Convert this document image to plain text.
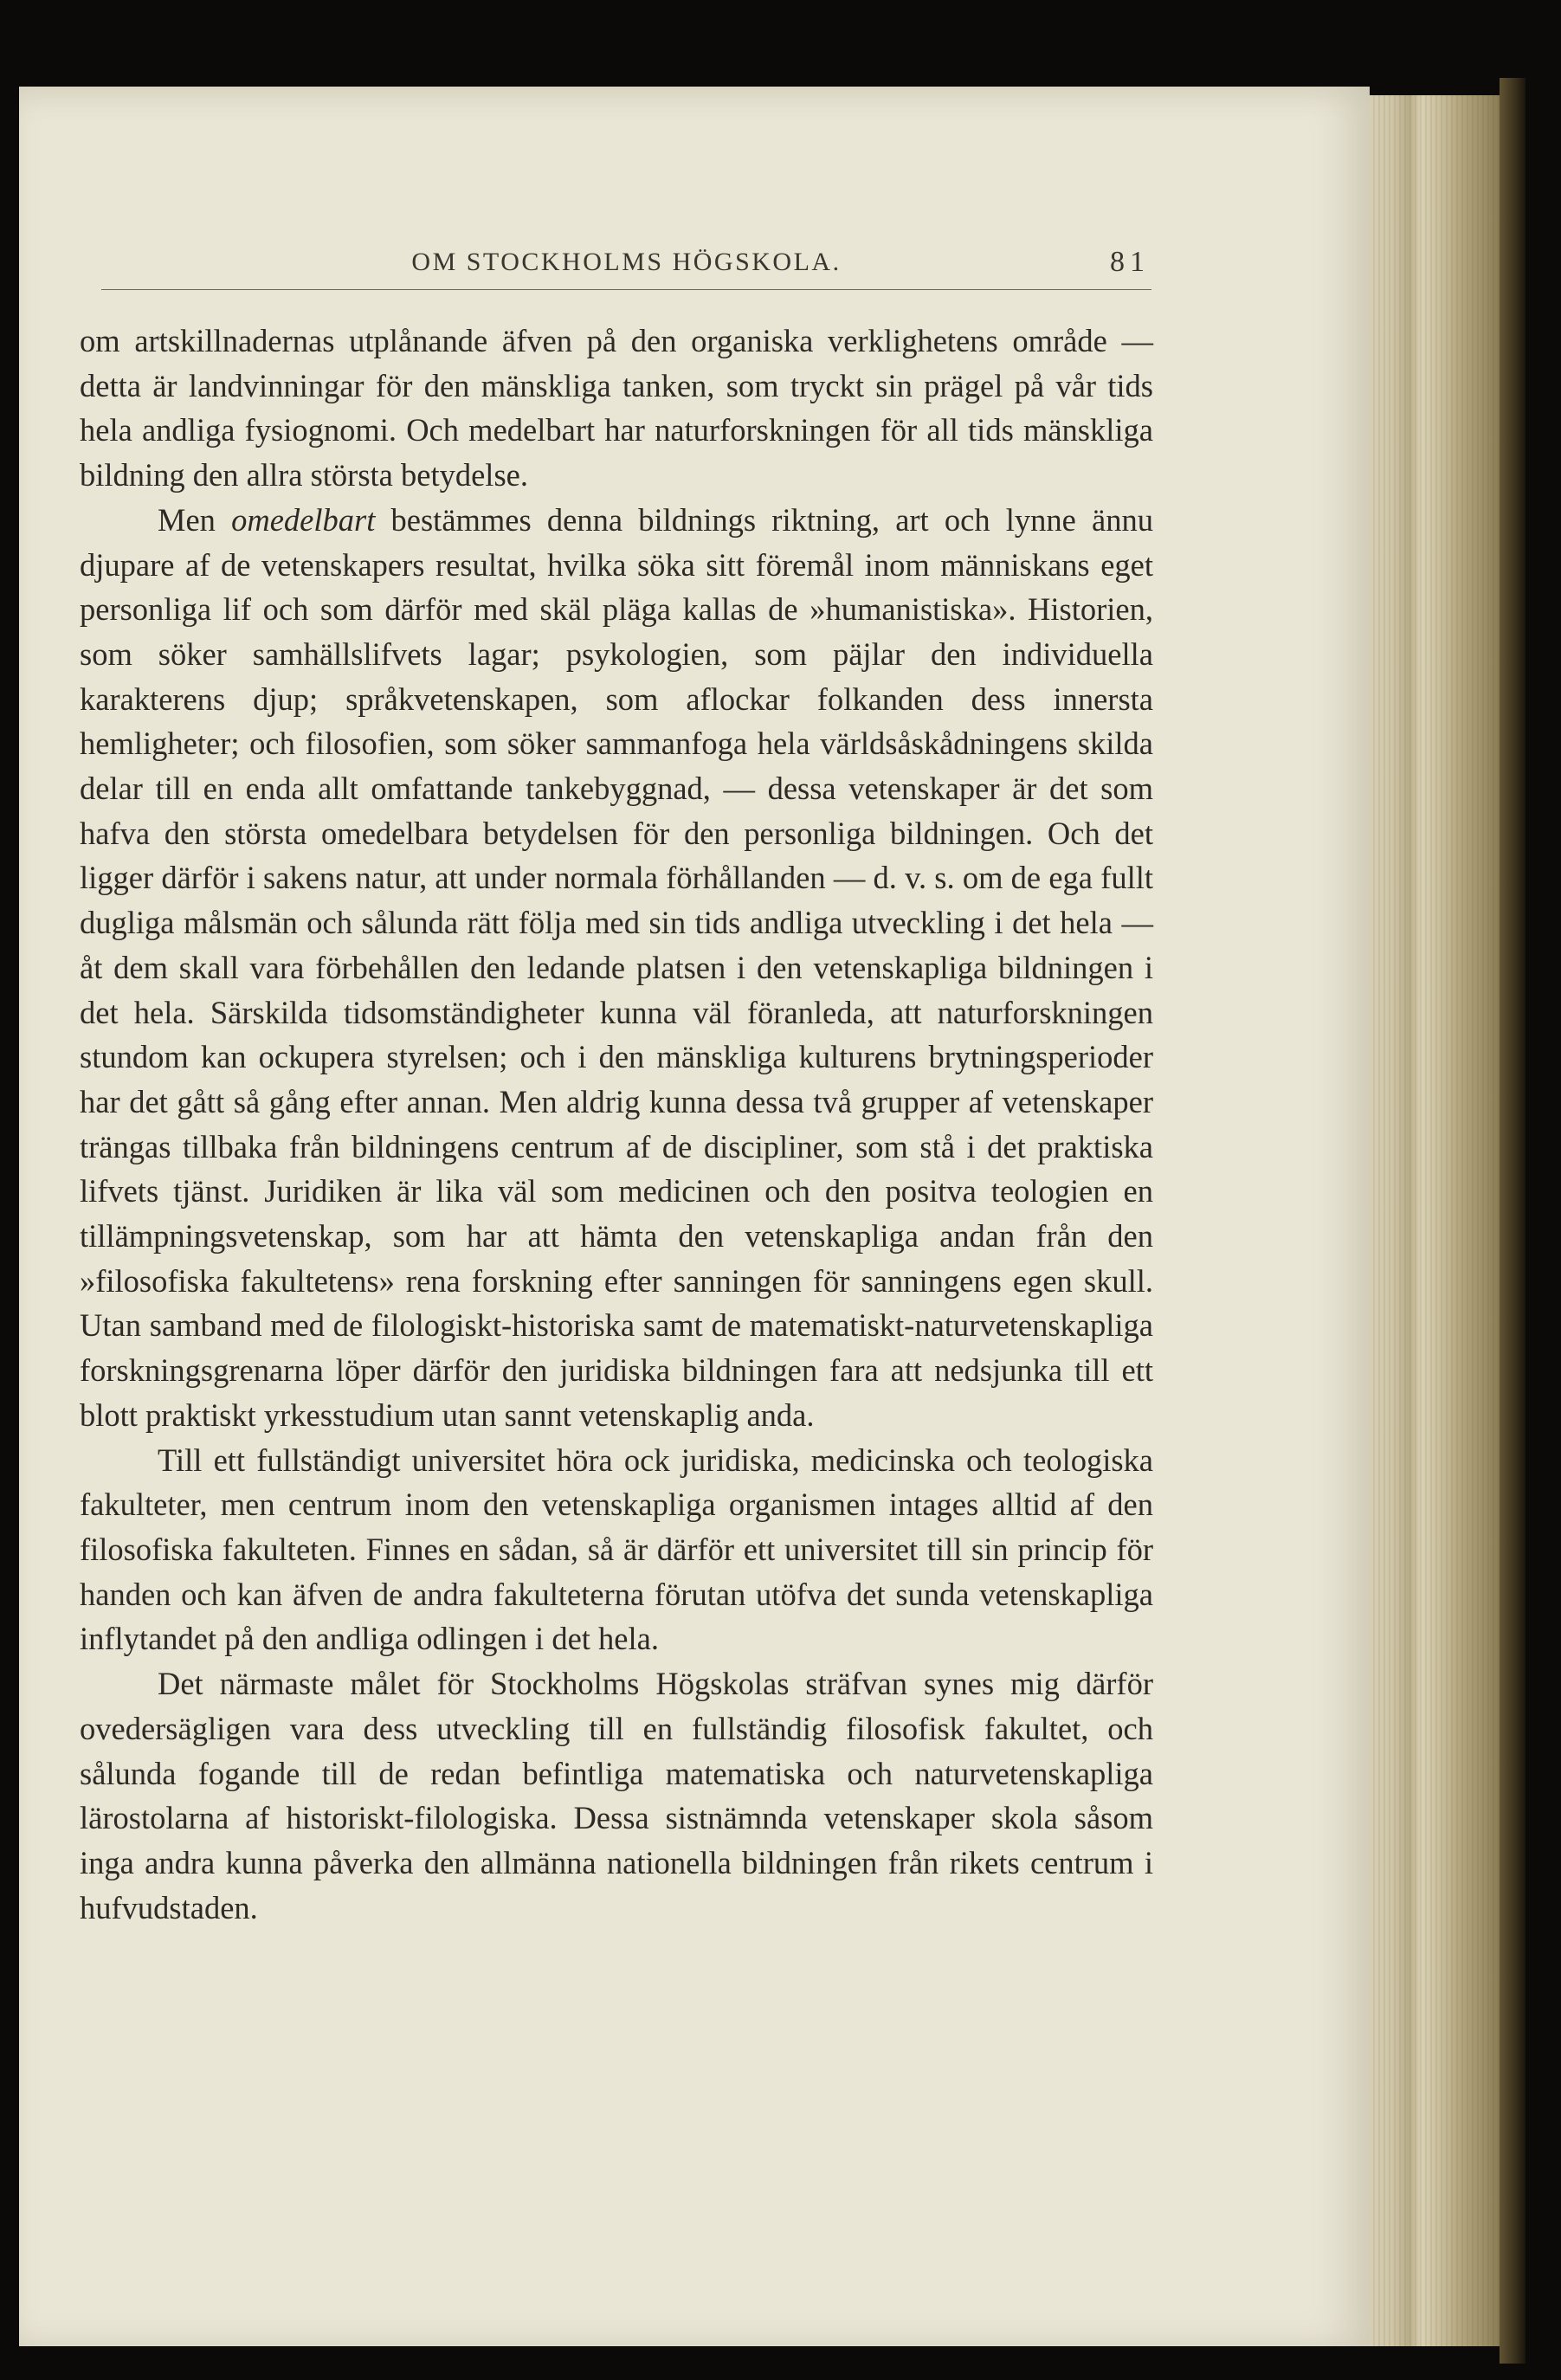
OM STOCKHOLMS HÖGSKOLA.	81

om artskillnadernas utplånande äfven på den organiska verklighetens område — detta är landvinningar för den mänskliga tanken, som tryckt sin prägel på vår tids hela andliga fysiognomi. Och medelbart har naturforskningen för all tids mänskliga bildning den allra största betydelse.

Men omedelbart bestämmes denna bildnings riktning, art och lynne ännu djupare af de vetenskapers resultat, hvilka söka sitt föremål inom människans eget personliga lif och som därför med skäl pläga kallas de »humanistiska». Historien, som söker samhällslifvets lagar; psykologien, som päjlar den individuella karakterens djup; språkvetenskapen, som aflockar folkanden dess innersta hemligheter; och filosofien, som söker sammanfoga hela världsåskådningens skilda delar till en enda allt omfattande tankebyggnad, — dessa vetenskaper är det som hafva den största omedelbara betydelsen för den personliga bildningen. Och det ligger därför i sakens natur, att under normala förhållanden — d. v. s. om de ega fullt dugliga målsmän och sålunda rätt följa med sin tids andliga utveckling i det hela — åt dem skall vara förbehållen den ledande platsen i den vetenskapliga bildningen i det hela. Särskilda tidsomständigheter kunna väl föranleda, att naturforskningen stundom kan ockupera styrelsen; och i den mänskliga kulturens brytningsperioder har det gått så gång efter annan. Men aldrig kunna dessa två grupper af vetenskaper trängas tillbaka från bildningens centrum af de discipliner, som stå i det praktiska lifvets tjänst. Juridiken är lika väl som medicinen och den positva teologien en tillämpningsvetenskap, som har att hämta den vetenskapliga andan från den »filosofiska fakultetens» rena forskning efter sanningen för sanningens egen skull. Utan samband med de filologiskt-historiska samt de matematiskt-naturvetenskapliga forskningsgrenarna löper därför den juridiska bildningen fara att nedsjunka till ett blott praktiskt yrkesstudium utan sannt vetenskaplig anda.

Till ett fullständigt universitet höra ock juridiska, medicinska och teologiska fakulteter, men centrum inom den vetenskapliga organismen intages alltid af den filosofiska fakulteten. Finnes en sådan, så är därför ett universitet till sin princip för handen och kan äfven de andra fakulteterna förutan utöfva det sunda vetenskapliga inflytandet på den andliga odlingen i det hela.

Det närmaste målet för Stockholms Högskolas sträfvan synes mig därför ovedersägligen vara dess utveckling till en fullständig filosofisk fakultet, och sålunda fogande till de redan befintliga matematiska och naturvetenskapliga lärostolarna af historiskt-filologiska. Dessa sistnämnda vetenskaper skola såsom inga andra kunna påverka den allmänna nationella bildningen från rikets centrum i hufvudstaden.
